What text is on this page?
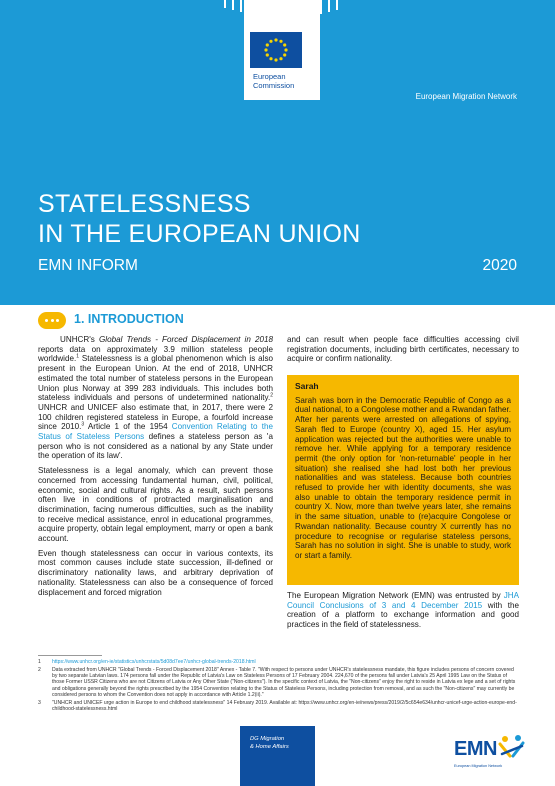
European
Commission
European Migration Network
STATELESSNESS
IN THE EUROPEAN UNION
EMN INFORM	2020
1. INTRODUCTION

UNHCR's Global Trends - Forced Displacement in 2018 reports data on approximately 3.9 million stateless people worldwide.$^1$ Statelessness is a global phenomenon which is also present in the European Union. At the end of 2018, UNHCR estimated the total number of stateless persons in the European Union plus Norway at 399 283 individuals. This includes both stateless individuals and persons of undetermined nationality.$^2$ UNHCR and UNICEF also estimate that, in 2017, there were 2 100 children registered stateless in Europe, a fourfold increase since 2010.$^3$ Article 1 of the 1954 Convention Relating to the Status of Stateless Persons defines a stateless person as 'a person who is not considered as a national by any State under the operation of its law'.

Statelessness is a legal anomaly, which can prevent those concerned from accessing fundamental human, civil, political, economic, social and cultural rights. As a result, such persons often live in conditions of protracted marginalisation and discrimination, facing numerous difficulties, such as the inability to receive medical assistance, enrol in educational programmes, acquire property, obtain legal employment, marry or open a bank account.

Even though statelessness can occur in various contexts, its most common causes include state succession, ill-defined or discriminatory nationality laws, and arbitrary deprivation of nationality. Statelessness can also be a consequence of forced displacement and forced migration

and can result when people face difficulties accessing civil registration documents, including birth certificates, necessary to acquire or confirm nationality.

Sarah

Sarah was born in the Democratic Republic of Congo as a dual national, to a Congolese mother and a Rwandan father. After her parents were arrested on allegations of spying, Sarah fled to Europe (country X), aged 15. Her asylum application was rejected but the authorities were unable to remove her. While applying for a temporary residence permit (the only option for 'non-returnable' people in her situation) she realised she had lost both her previous nationalities and was stateless. Because both countries refused to provide her with identity documents, she was also unable to obtain the temporary residence permit in country X. Now, more than twelve years later, she remains in the same situation, unable to (re)acquire Congolese or Rwandan nationality. Because country X currently has no procedure to recognise or regularise stateless persons, Sarah has no solution in sight. She is unable to study, work or start a family.

The European Migration Network (EMN) was entrusted by JHA Council Conclusions of 3 and 4 December 2015 with the creation of a platform to exchange information and good practices in the field of statelessness.

1	https://www.unhcr.org/en-ie/statistics/unhcrstats/5d08d7ee7/unhcr-global-trends-2018.html
2	Data extracted from UNHCR "Global Trends - Forced Displacement 2018" Annex - Table 7. "With respect to persons under UNHCR's statelessness mandate, this figure includes persons of concern covered by two separate Latvian laws. 174 persons fall under the Republic of Latvia's Law on Stateless Persons of 17 February 2004. 224,670 of the persons fall under Latvia's 25 April 1995 Law on the Status of those Former USSR Citizens who are not Citizens of Latvia or Any Other State ("Non-citizens"). In the specific context of Latvia, the "Non-citizens" enjoy the right to reside in Latvia ex lege and a set of rights and obligations generally beyond the rights prescribed by the 1954 Convention relating to the Status of Stateless Persons, including protection from removal, and as such the "Non-citizens" may currently be considered persons to whom the Convention does not apply in accordance with Article 1.2(ii)."
3	"UNHCR and UNICEF urge action in Europe to end childhood statelessness" 14 February 2019. Available at: https://www.unhcr.org/en-ie/news/press/2019/2/5c654e634/unhcr-unicef-urge-action-europe-end-childhood-statelessness.html
DG Migration
& Home Affairs	EMN
European Migration Network
